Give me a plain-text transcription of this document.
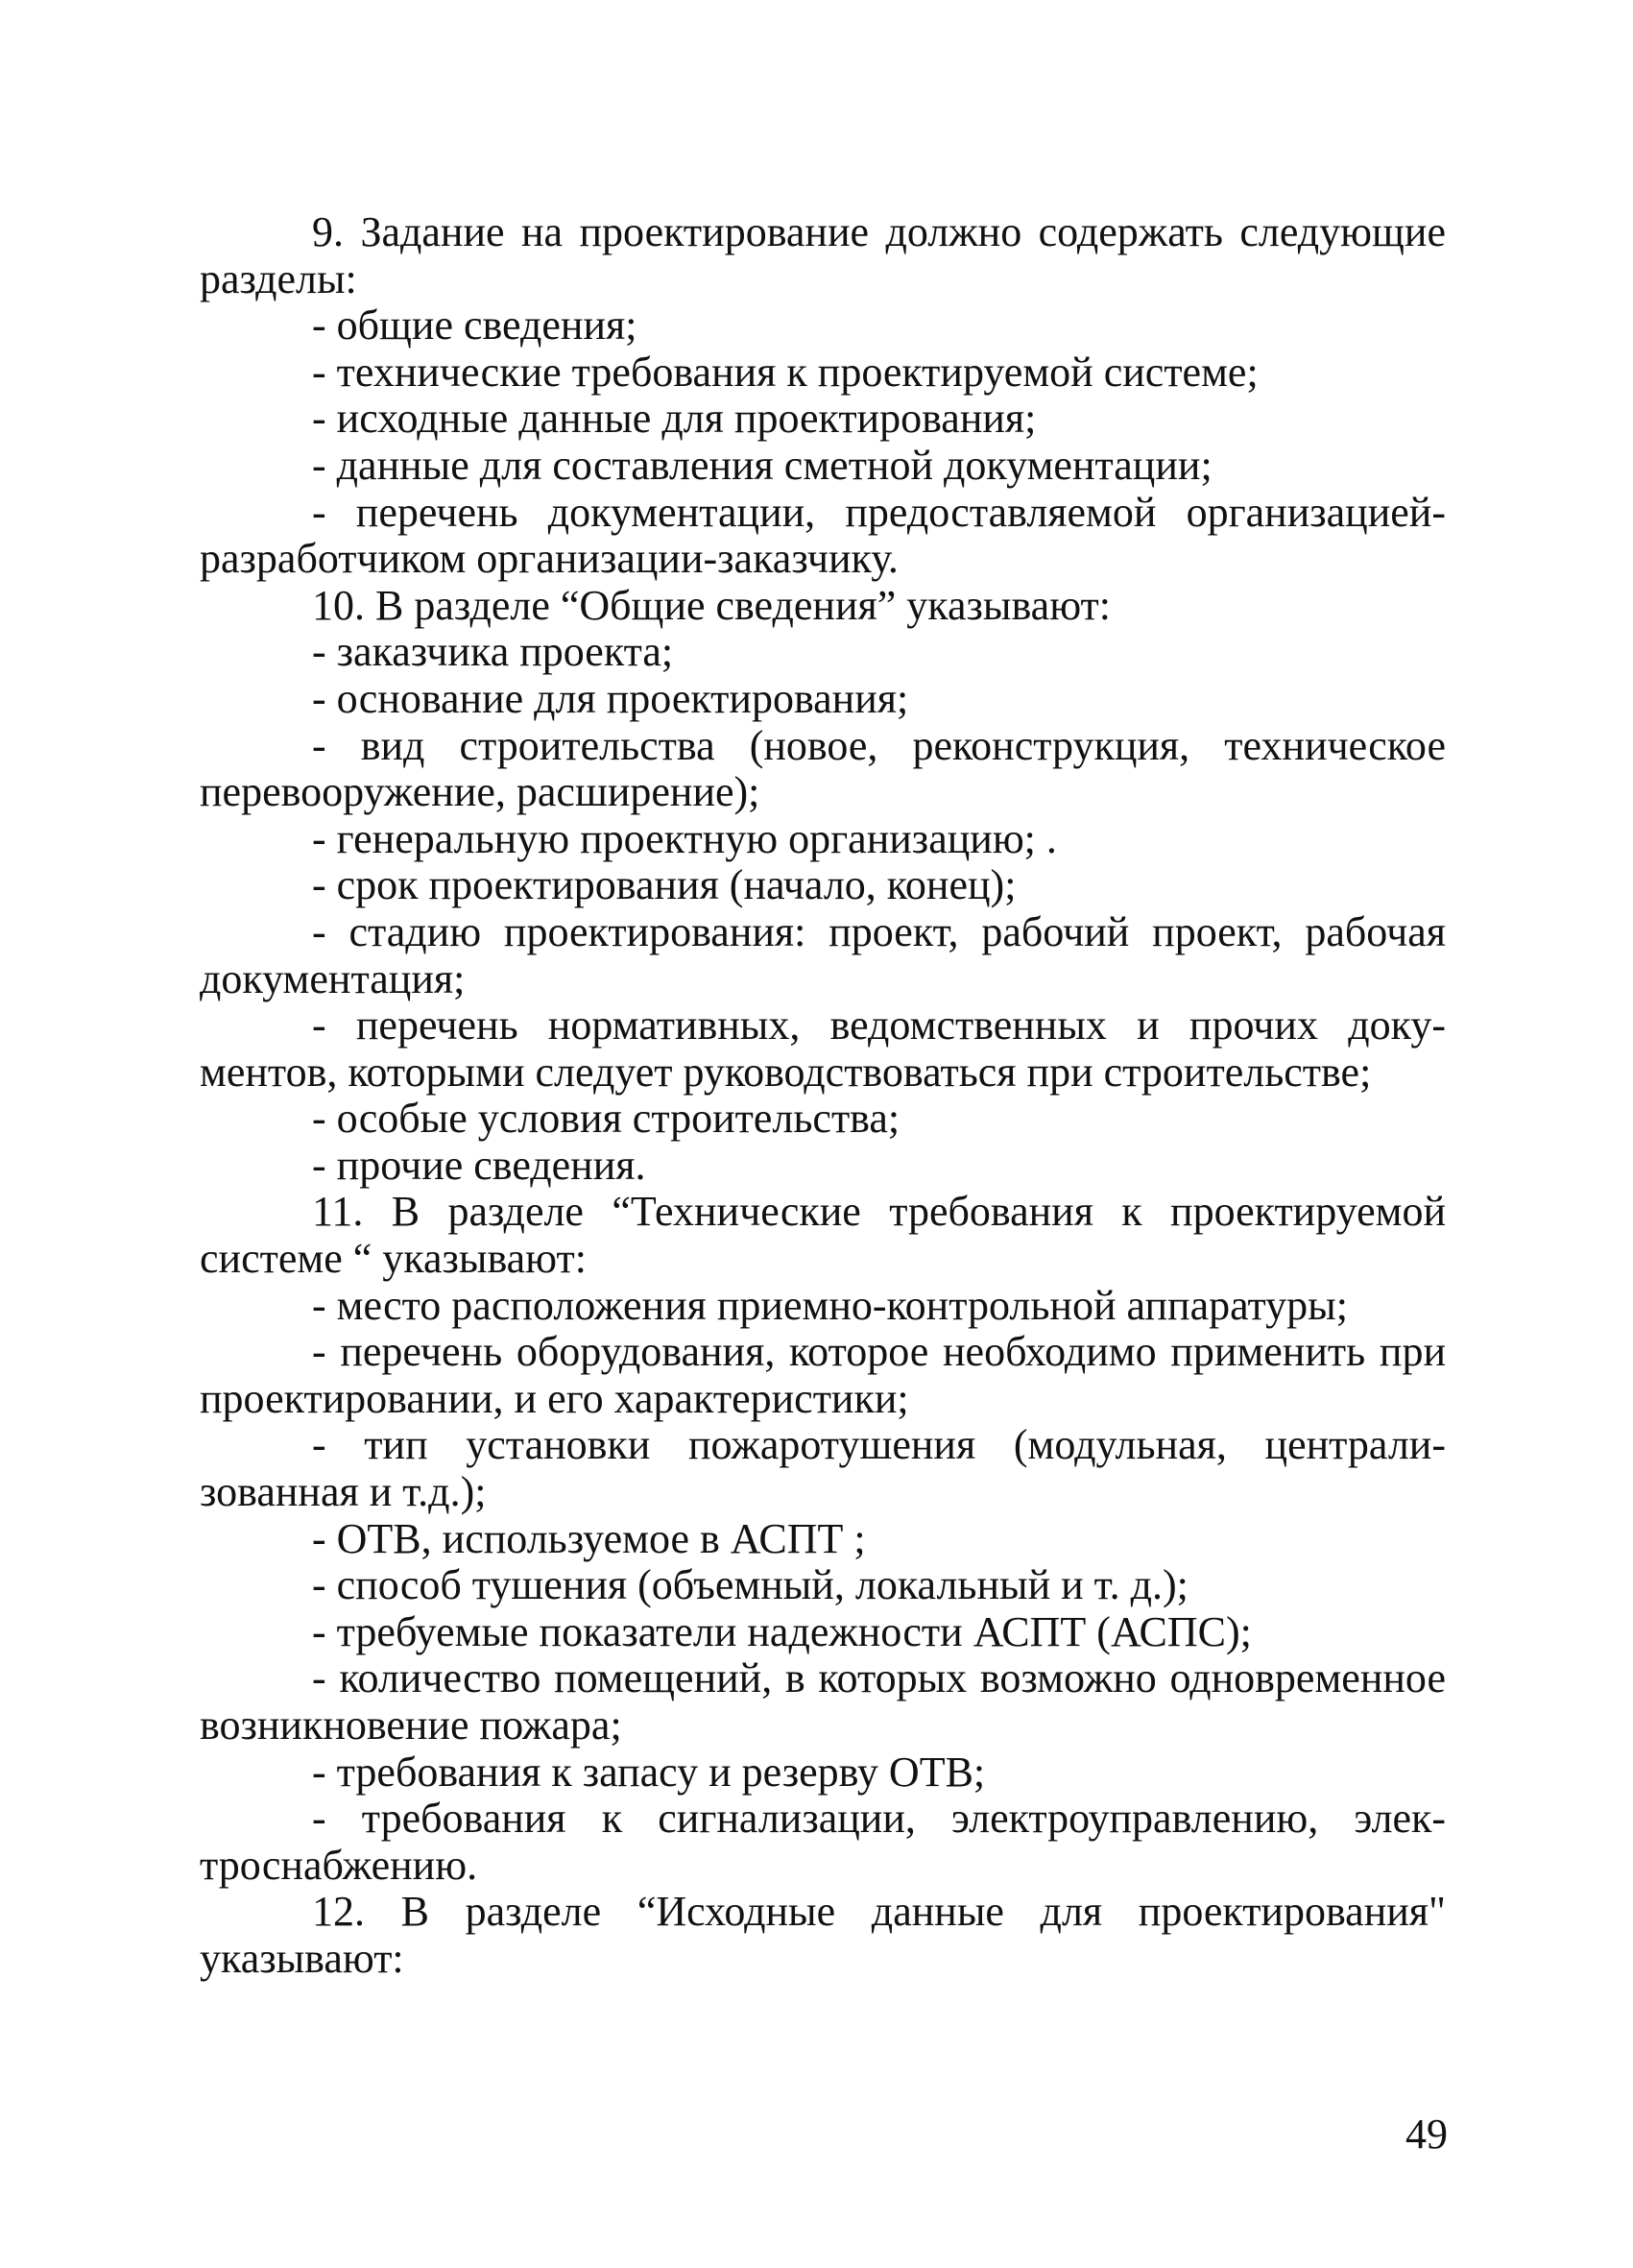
9. Задание на проектирование должно содержать следующие разделы:

- общие сведения;

- технические требования к проектируемой системе;

- исходные данные для проектирования;

- данные для составления сметной документации;

- перечень документации, предоставляемой организацией-разработчиком организации-заказчику.

10. В разделе “Общие сведения” указывают:

- заказчика проекта;

- основание для проектирования;

- вид строительства (новое, реконструкция, техническое перевооружение, расширение);

- генеральную проектную организацию; .

- срок проектирования (начало, конец);

- стадию проектирования: проект, рабочий проект, рабочая документация;

- перечень нормативных, ведомственных и прочих документов, которыми следует руководствоваться при строительстве;

- особые условия строительства;

- прочие сведения.

11. В разделе “Технические требования к проектируемой системе “ указывают:

- место расположения приемно-контрольной аппаратуры;

- перечень оборудования, которое необходимо применить при проектировании, и его характеристики;

- тип установки пожаротушения (модульная, централизованная и т.д.);

- ОТВ, используемое в АСПТ ;

- способ тушения (объемный, локальный и т. д.);

- требуемые показатели надежности АСПТ (АСПС);

- количество помещений, в которых возможно одновременное возникновение пожара;

- требования к запасу и резерву ОТВ;

- требования к сигнализации, электроуправлению, электроснабжению.

12. В разделе “Исходные данные для проектирования" указывают:

49
